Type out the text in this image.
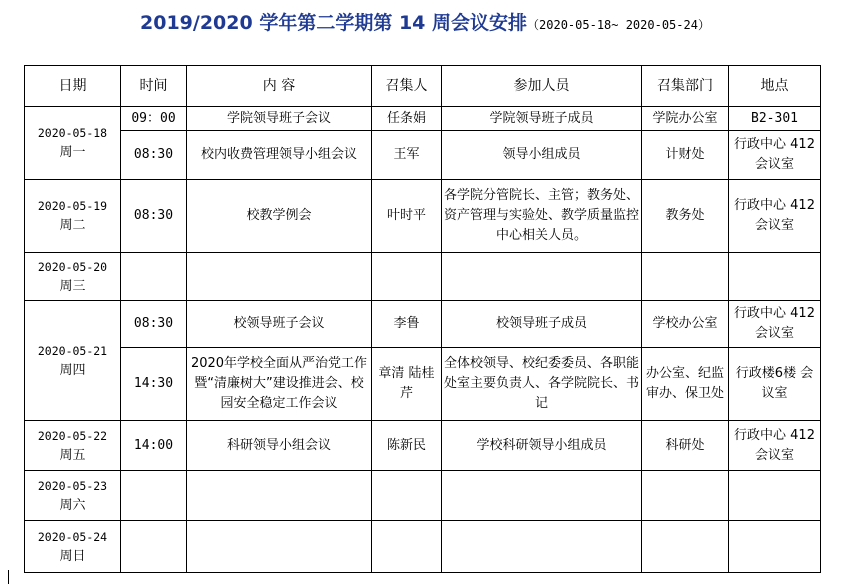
2019/2020 学年第二学期第 14 周会议安排（2020-05-18~ 2020-05-24）
日期	时间	内 容	召集人	参加人员	召集部门	地点

2020-05-18
周一	09：00	学院领导班子会议	任条娟	学院领导班子成员	学院办公室	B2-301
	08:30	校内收费管理领导小组会议	王军	领导小组成员	计财处	行政中心 412会议室

2020-05-19
周二	08:30	校教学例会	叶时平	各学院分管院长、主管；教务处、资产管理与实验处、教学质量监控中心相关人员。	教务处	行政中心 412会议室

2020-05-20
周三						

2020-05-21
周四	08:30	校领导班子会议	李鲁	校领导班子成员	学校办公室	行政中心 412会议室
	14:30	2020年学校全面从严治党工作暨“清廉树大”建设推进会、校园安全稳定工作会议	章清 陆桂芹	全体校领导、校纪委委员、各职能处室主要负责人、各学院院长、书记	办公室、纪监审办、保卫处	行政楼6楼 会议室

2020-05-22
周五	14:00	科研领导小组会议	陈新民	学校科研领导小组成员	科研处	行政中心 412会议室

2020-05-23
周六						

2020-05-24
周日						
